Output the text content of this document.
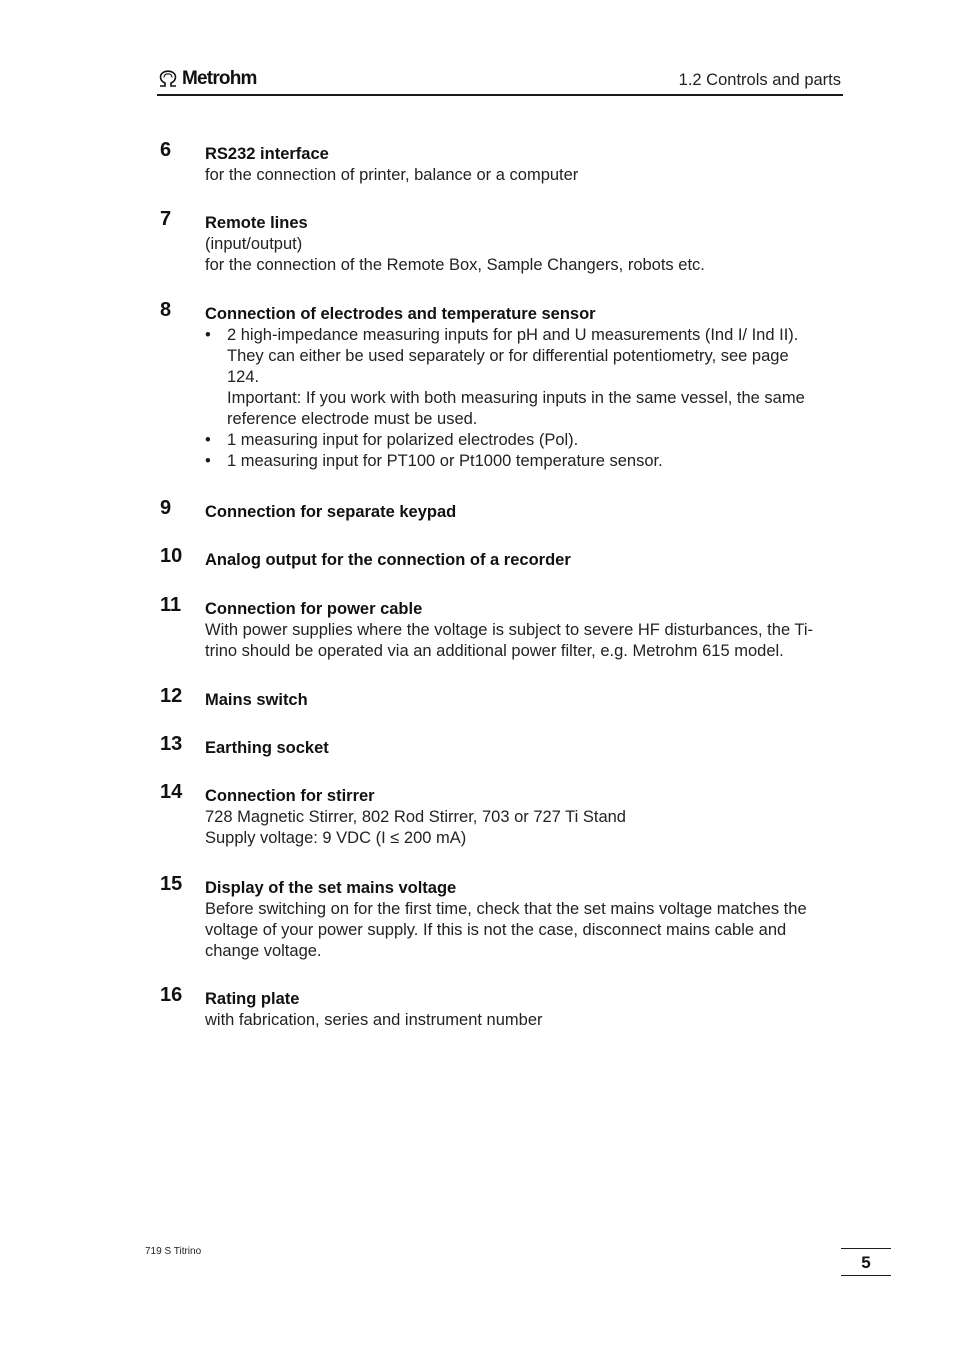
Metrohm	1.2 Controls and parts
6 RS232 interface
for the connection of printer, balance or a computer
7 Remote lines
(input/output)
for the connection of the Remote Box, Sample Changers, robots etc.
8 Connection of electrodes and temperature sensor
• 2 high-impedance measuring inputs for pH and U measurements (Ind I/ Ind II).
They can either be used separately or for differential potentiometry, see page
124.
Important: If you work with both measuring inputs in the same vessel, the same
reference electrode must be used.
• 1 measuring input for polarized electrodes (Pol).
• 1 measuring input for PT100 or Pt1000 temperature sensor.
9 Connection for separate keypad
10 Analog output for the connection of a recorder
11 Connection for power cable
With power supplies where the voltage is subject to severe HF disturbances, the Ti-
trino should be operated via an additional power filter, e.g. Metrohm 615 model.
12 Mains switch
13 Earthing socket
14 Connection for stirrer
728 Magnetic Stirrer, 802 Rod Stirrer, 703 or 727 Ti Stand
Supply voltage: 9 VDC (I ≤ 200 mA)
15 Display of the set mains voltage
Before switching on for the first time, check that the set mains voltage matches the
voltage of your power supply. If this is not the case, disconnect mains cable and
change voltage.
16 Rating plate
with fabrication, series and instrument number
719 S Titrino
5
